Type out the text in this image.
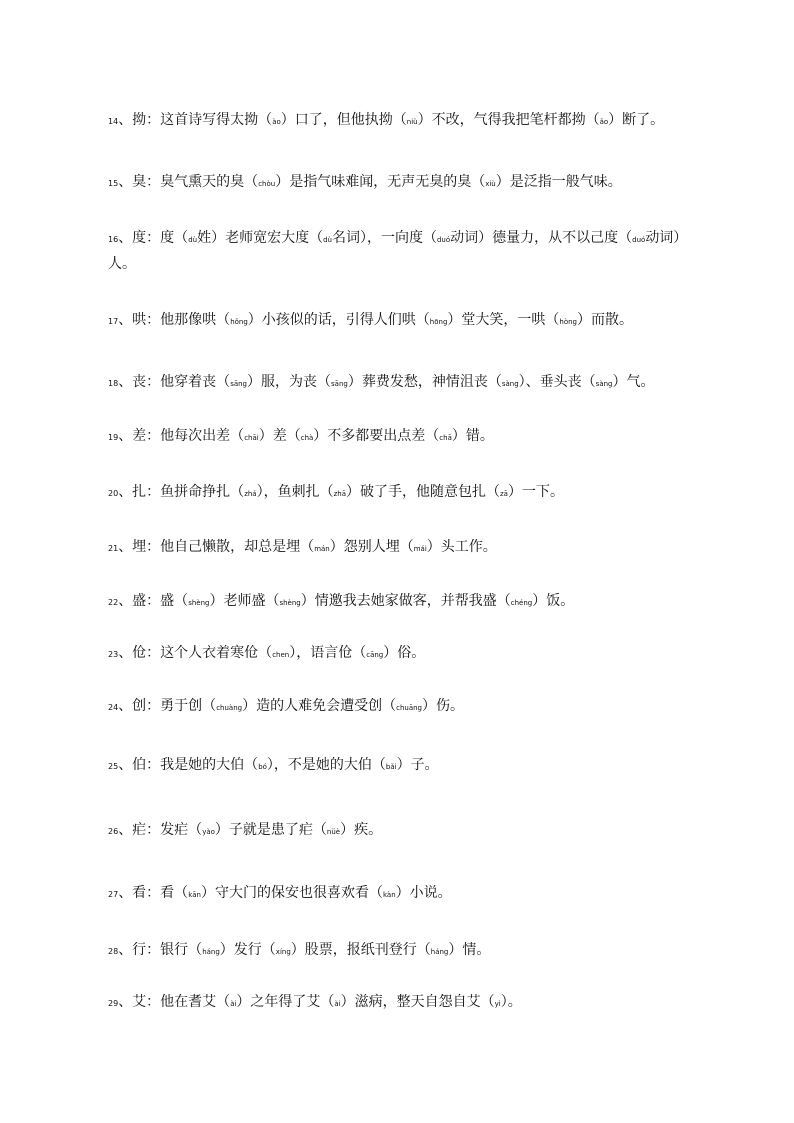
14、拗：这首诗写得太拗（ào）口了，但他执拗（niù）不改，气得我把笔杆都拗（ǎo）断了。
15、臭：臭气熏天的臭（chòu）是指气味难闻，无声无臭的臭（xiù）是泛指一般气味。
16、度：度（dù姓）老师宽宏大度（dù名词），一向度（duó动词）德量力，从不以己度（duó动词）人。
17、哄：他那像哄（hǒng）小孩似的话，引得人们哄（hōng）堂大笑，一哄（hòng）而散。
18、丧：他穿着丧（sāng）服，为丧（sāng）葬费发愁，神情沮丧（sàng）、垂头丧（sàng）气。
19、差：他每次出差（chāi）差（chà）不多都要出点差（chā）错。
20、扎：鱼拼命挣扎（zhá），鱼刺扎（zhā）破了手，他随意包扎（zā）一下。
21、埋：他自己懒散，却总是埋（mán）怨别人埋（mái）头工作。
22、盛：盛（shèng）老师盛（shèng）情邀我去她家做客，并帮我盛（chéng）饭。
23、伧：这个人衣着寒伧（chen），语言伧（cāng）俗。
24、创：勇于创（chuàng）造的人难免会遭受创（chuāng）伤。
25、伯：我是她的大伯（bó），不是她的大伯（bǎi）子。
26、疟：发疟（yào）子就是患了疟（nüè）疾。
27、看：看（kān）守大门的保安也很喜欢看（kàn）小说。
28、行：银行（háng）发行（xíng）股票，报纸刊登行（háng）情。
29、艾：他在耆艾（ài）之年得了艾（ài）滋病，整天自怨自艾（yì）。
